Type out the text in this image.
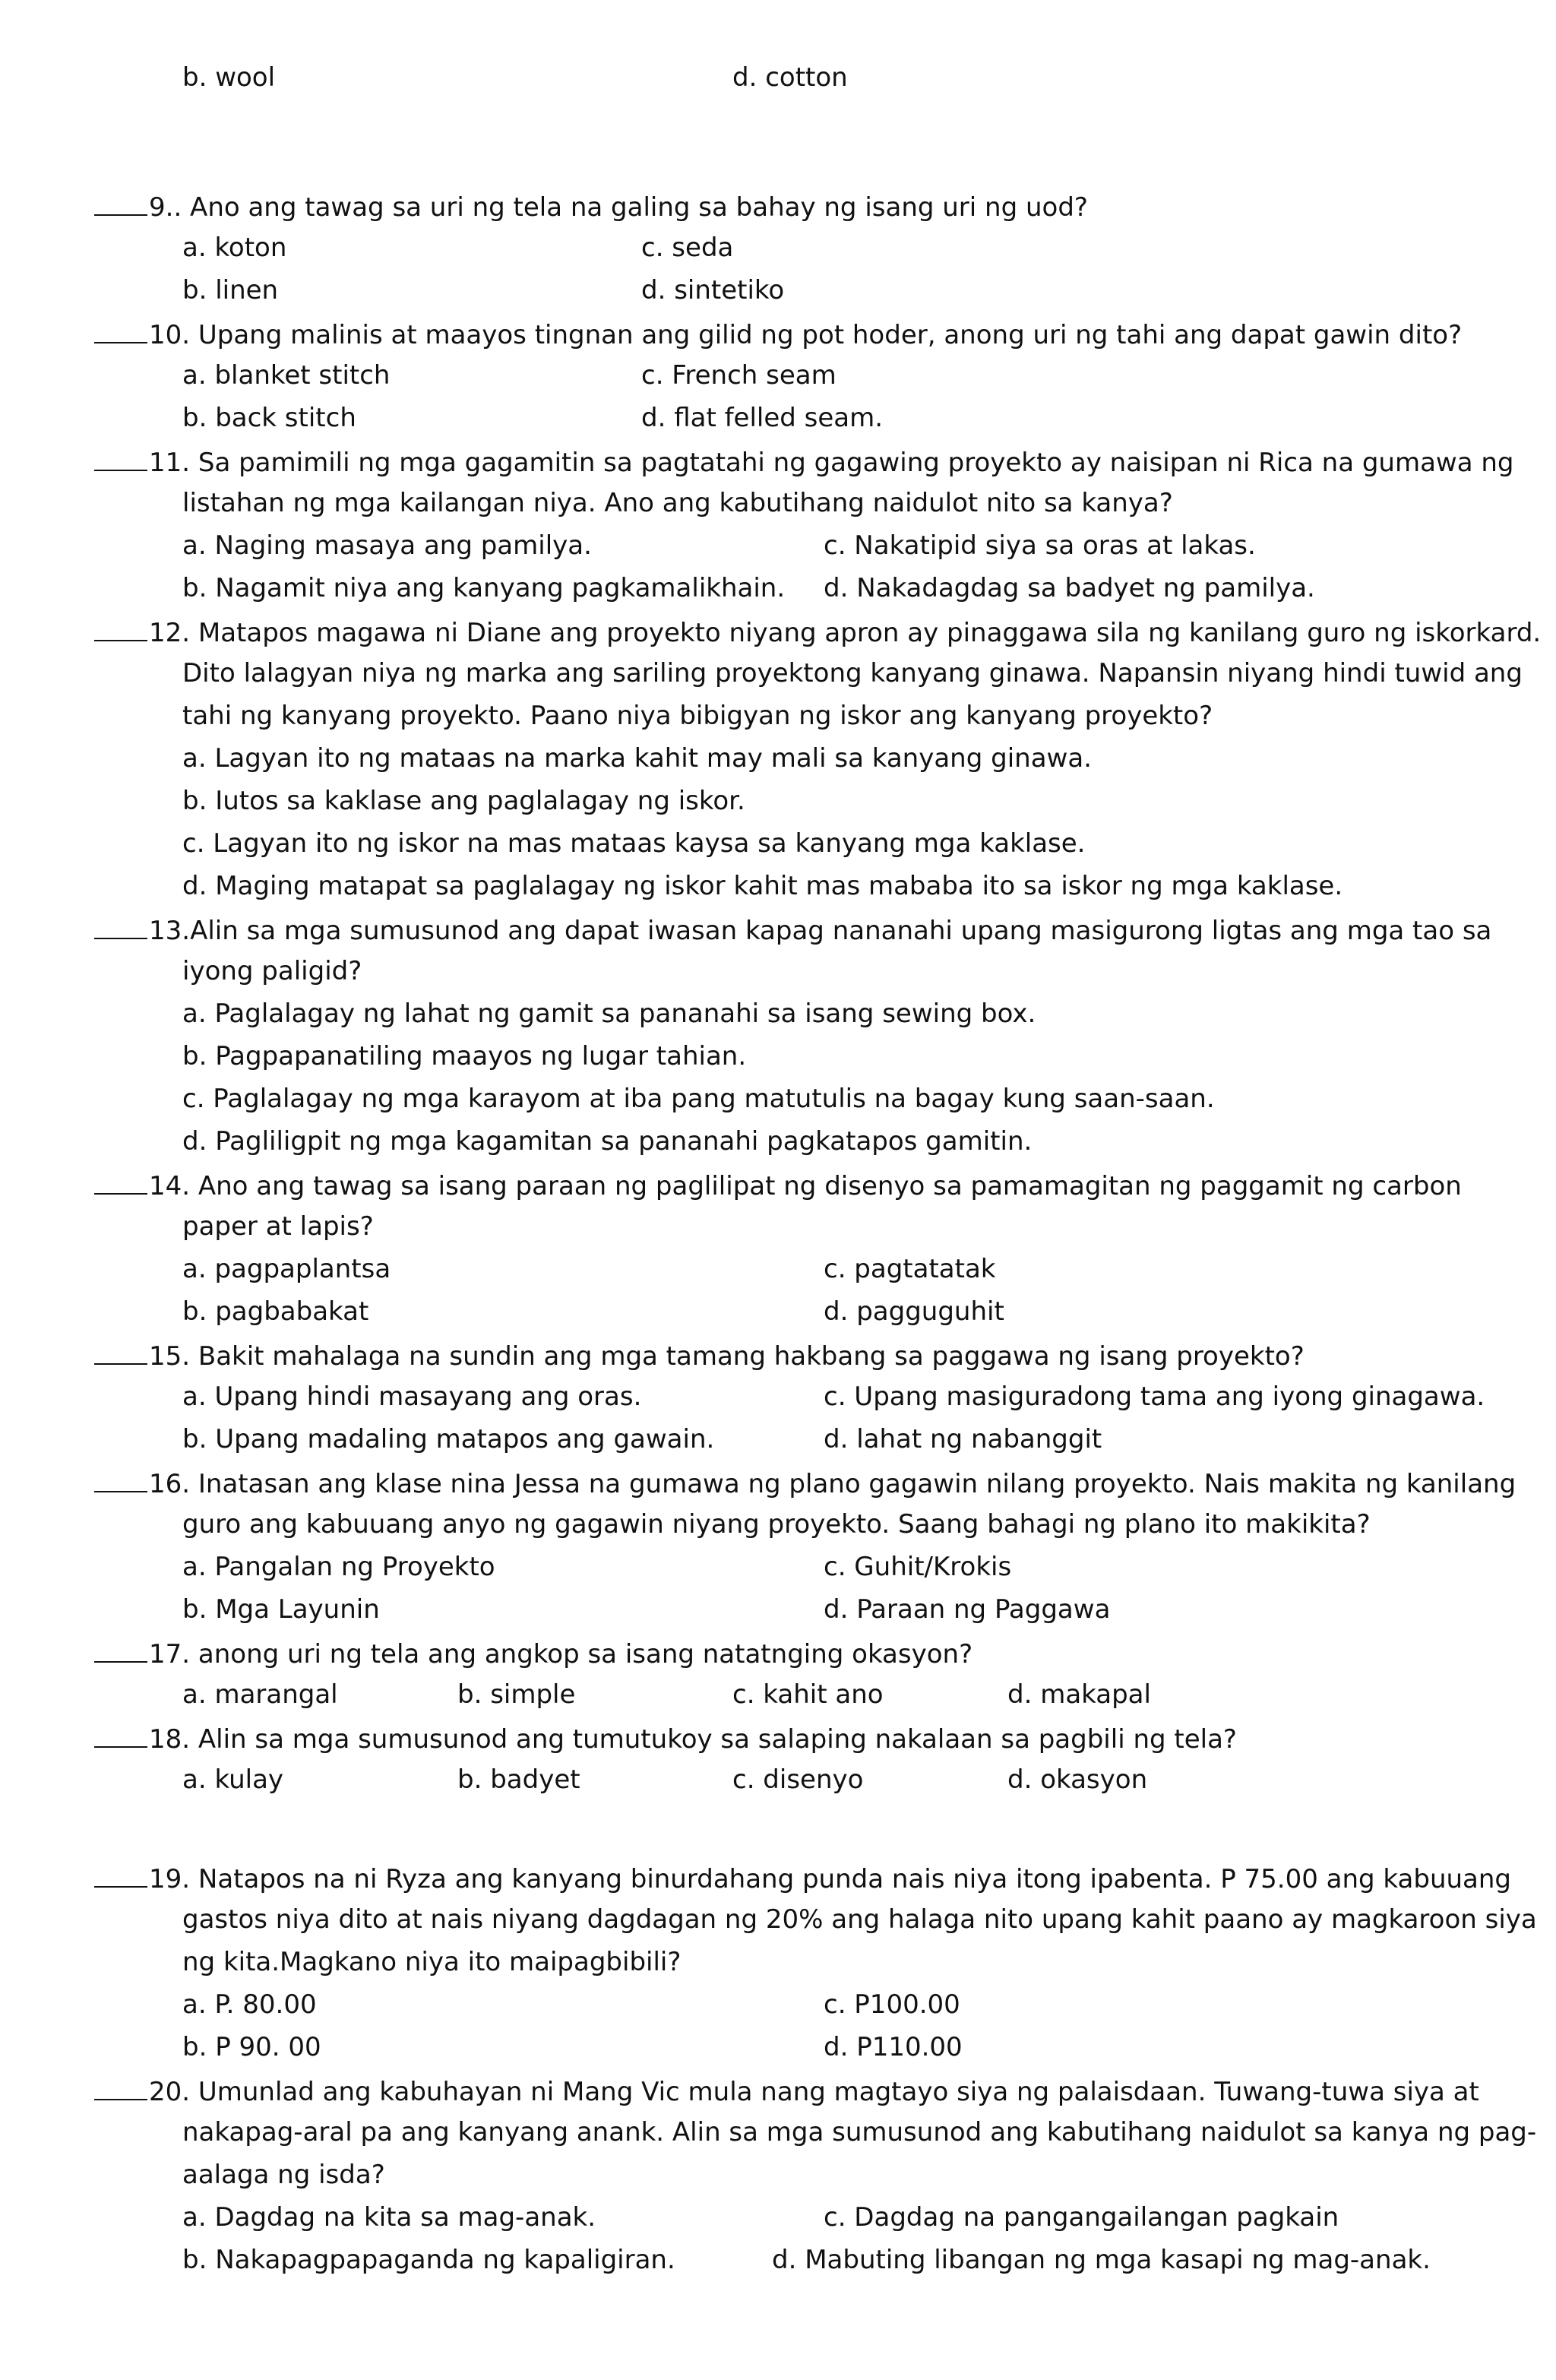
b. wool	d. cotton
9.. Ano ang tawag sa uri ng tela na galing sa bahay ng isang uri ng uod?
a. koton	c. seda
b. linen	d. sintetiko
10. Upang malinis at maayos tingnan ang gilid ng pot hoder, anong uri ng tahi ang dapat gawin dito?
a. blanket stitch	c. French seam
b. back stitch	d. flat felled seam.
11. Sa pamimili ng mga gagamitin sa pagtatahi ng gagawing proyekto ay naisipan ni Rica na gumawa ng
listahan ng mga kailangan niya. Ano ang kabutihang naidulot nito sa kanya?
a. Naging masaya ang pamilya.	c. Nakatipid siya sa oras at lakas.
b. Nagamit niya ang kanyang pagkamalikhain. d. Nakadagdag sa badyet ng pamilya.
12. Matapos magawa ni Diane ang proyekto niyang apron ay pinaggawa sila ng kanilang guro ng iskorkard.
Dito lalagyan niya ng marka ang sariling proyektong kanyang ginawa. Napansin niyang hindi tuwid ang
tahi ng kanyang proyekto. Paano niya bibigyan ng iskor ang kanyang proyekto?
a. Lagyan ito ng mataas na marka kahit may mali sa kanyang ginawa.
b. Iutos sa kaklase ang paglalagay ng iskor.
c. Lagyan ito ng iskor na mas mataas kaysa sa kanyang mga kaklase.
d. Maging matapat sa paglalagay ng iskor kahit mas mababa ito sa iskor ng mga kaklase.
13.Alin sa mga sumusunod ang dapat iwasan kapag nananahi upang masigurong ligtas ang mga tao sa
iyong paligid?
a. Paglalagay ng lahat ng gamit sa pananahi sa isang sewing box.
b. Pagpapanatiling maayos ng lugar tahian.
c. Paglalagay ng mga karayom at iba pang matutulis na bagay kung saan-saan.
d. Pagliligpit ng mga kagamitan sa pananahi pagkatapos gamitin.
14. Ano ang tawag sa isang paraan ng paglilipat ng disenyo sa pamamagitan ng paggamit ng carbon
paper at lapis?
a. pagpaplantsa	c. pagtatatak
b. pagbabakat	d. pagguguhit
15. Bakit mahalaga na sundin ang mga tamang hakbang sa paggawa ng isang proyekto?
a. Upang hindi masayang ang oras.	c. Upang masiguradong tama ang iyong ginagawa.
b. Upang madaling matapos ang gawain.	d. lahat ng nabanggit
16. Inatasan ang klase nina Jessa na gumawa ng plano gagawin nilang proyekto. Nais makita ng kanilang
guro ang kabuuang anyo ng gagawin niyang proyekto. Saang bahagi ng plano ito makikita?
a. Pangalan ng Proyekto	c. Guhit/Krokis
b. Mga Layunin	d. Paraan ng Paggawa
17. anong uri ng tela ang angkop sa isang natatnging okasyon?
a. marangal	b. simple	c. kahit ano	d. makapal
18. Alin sa mga sumusunod ang tumutukoy sa salaping nakalaan sa pagbili ng tela?
a. kulay	b. badyet	c. disenyo	d. okasyon
19. Natapos na ni Ryza ang kanyang binurdahang punda nais niya itong ipabenta. P 75.00 ang kabuuang
gastos niya dito at nais niyang dagdagan ng 20% ang halaga nito upang kahit paano ay magkaroon siya
ng kita.Magkano niya ito maipagbibili?
a. P. 80.00	c. P100.00
b. P 90. 00	d. P110.00
20. Umunlad ang kabuhayan ni Mang Vic mula nang magtayo siya ng palaisdaan. Tuwang-tuwa siya at
nakapag-aral pa ang kanyang anank. Alin sa mga sumusunod ang kabutihang naidulot sa kanya ng pag-
aalaga ng isda?
a. Dagdag na kita sa mag-anak.	c. Dagdag na pangangailangan pagkain
b. Nakapagpapaganda ng kapaligiran.	d. Mabuting libangan ng mga kasapi ng mag-anak.
